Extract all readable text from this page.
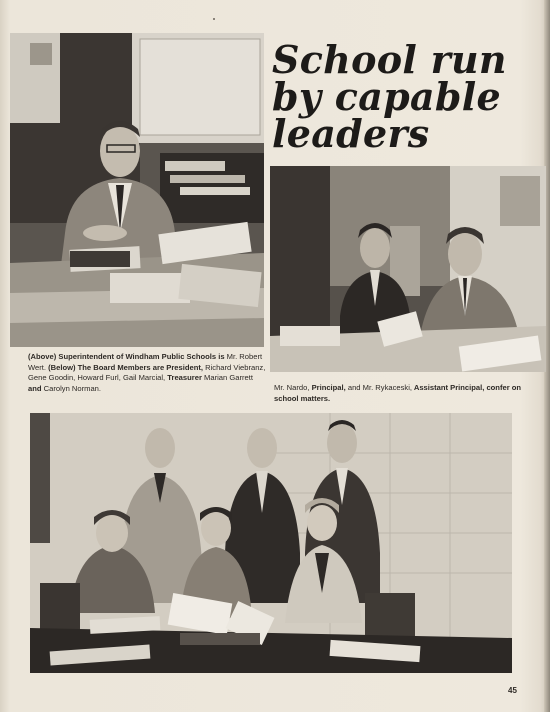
School run
by capable
leaders
(Above) Superintendent of Windham Public Schools is Mr. Robert Wert. (Below) The Board Members are President, Richard Viebranz, Gene Goodin, Howard Furl, Gail Marcial, Treasurer Marian Garrett and Carolyn Norman.	Mr. Nardo, Principal, and Mr. Rykaceski, Assistant Principal, confer on school matters.
45
